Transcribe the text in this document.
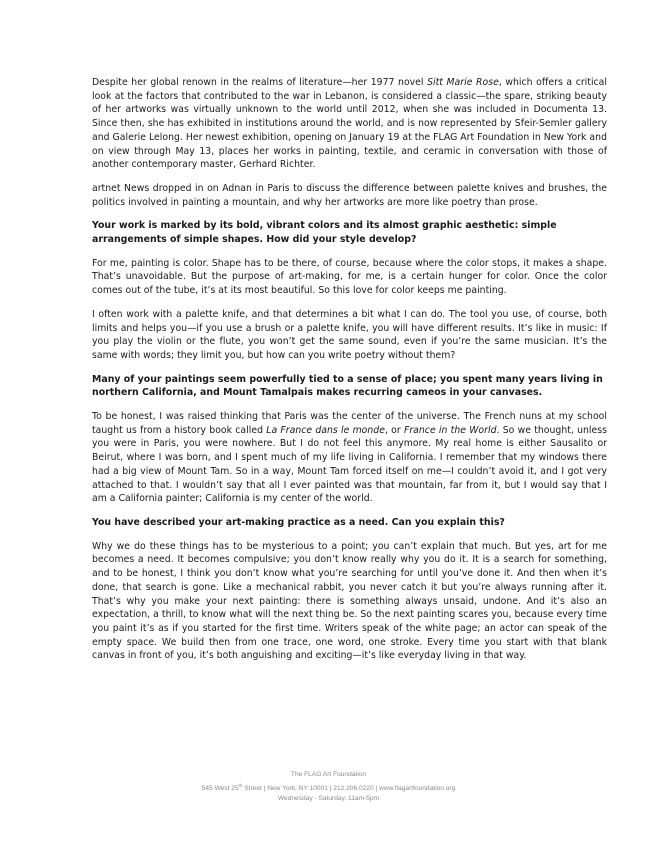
Despite her global renown in the realms of literature—her 1977 novel Sitt Marie Rose, which offers a critical look at the factors that contributed to the war in Lebanon, is considered a classic—the spare, striking beauty of her artworks was virtually unknown to the world until 2012, when she was included in Documenta 13. Since then, she has exhibited in institutions around the world, and is now represented by Sfeir-Semler gallery and Galerie Lelong. Her newest exhibition, opening on January 19 at the FLAG Art Foundation in New York and on view through May 13, places her works in painting, textile, and ceramic in conversation with those of another contemporary master, Gerhard Richter.

artnet News dropped in on Adnan in Paris to discuss the difference between palette knives and brushes, the politics involved in painting a mountain, and why her artworks are more like poetry than prose.

Your work is marked by its bold, vibrant colors and its almost graphic aesthetic: simple arrangements of simple shapes. How did your style develop?

For me, painting is color. Shape has to be there, of course, because where the color stops, it makes a shape. That’s unavoidable. But the purpose of art-making, for me, is a certain hunger for color. Once the color comes out of the tube, it’s at its most beautiful. So this love for color keeps me painting.

I often work with a palette knife, and that determines a bit what I can do. The tool you use, of course, both limits and helps you—if you use a brush or a palette knife, you will have different results. It’s like in music: If you play the violin or the flute, you won’t get the same sound, even if you’re the same musician. It’s the same with words; they limit you, but how can you write poetry without them?

Many of your paintings seem powerfully tied to a sense of place; you spent many years living in northern California, and Mount Tamalpais makes recurring cameos in your canvases.

To be honest, I was raised thinking that Paris was the center of the universe. The French nuns at my school taught us from a history book called La France dans le monde, or France in the World. So we thought, unless you were in Paris, you were nowhere. But I do not feel this anymore. My real home is either Sausalito or Beirut, where I was born, and I spent much of my life living in California. I remember that my windows there had a big view of Mount Tam. So in a way, Mount Tam forced itself on me—I couldn’t avoid it, and I got very attached to that. I wouldn’t say that all I ever painted was that mountain, far from it, but I would say that I am a California painter; California is my center of the world.

You have described your art-making practice as a need. Can you explain this?

Why we do these things has to be mysterious to a point; you can’t explain that much. But yes, art for me becomes a need. It becomes compulsive; you don’t know really why you do it. It is a search for something, and to be honest, I think you don’t know what you’re searching for until you’ve done it. And then when it’s done, that search is gone. Like a mechanical rabbit, you never catch it but you’re always running after it. That’s why you make your next painting: there is something always unsaid, undone. And it’s also an expectation, a thrill, to know what will the next thing be. So the next painting scares you, because every time you paint it’s as if you started for the first time. Writers speak of the white page; an actor can speak of the empty space. We build then from one trace, one word, one stroke. Every time you start with that blank canvas in front of you, it’s both anguishing and exciting—it’s like everyday living in that way.

The FLAG Art Foundation
545 West 25th Street | New York, NY 10001 | 212.206.0220 | www.flagartfoundation.org
Wednesday - Saturday, 11am-5pm
